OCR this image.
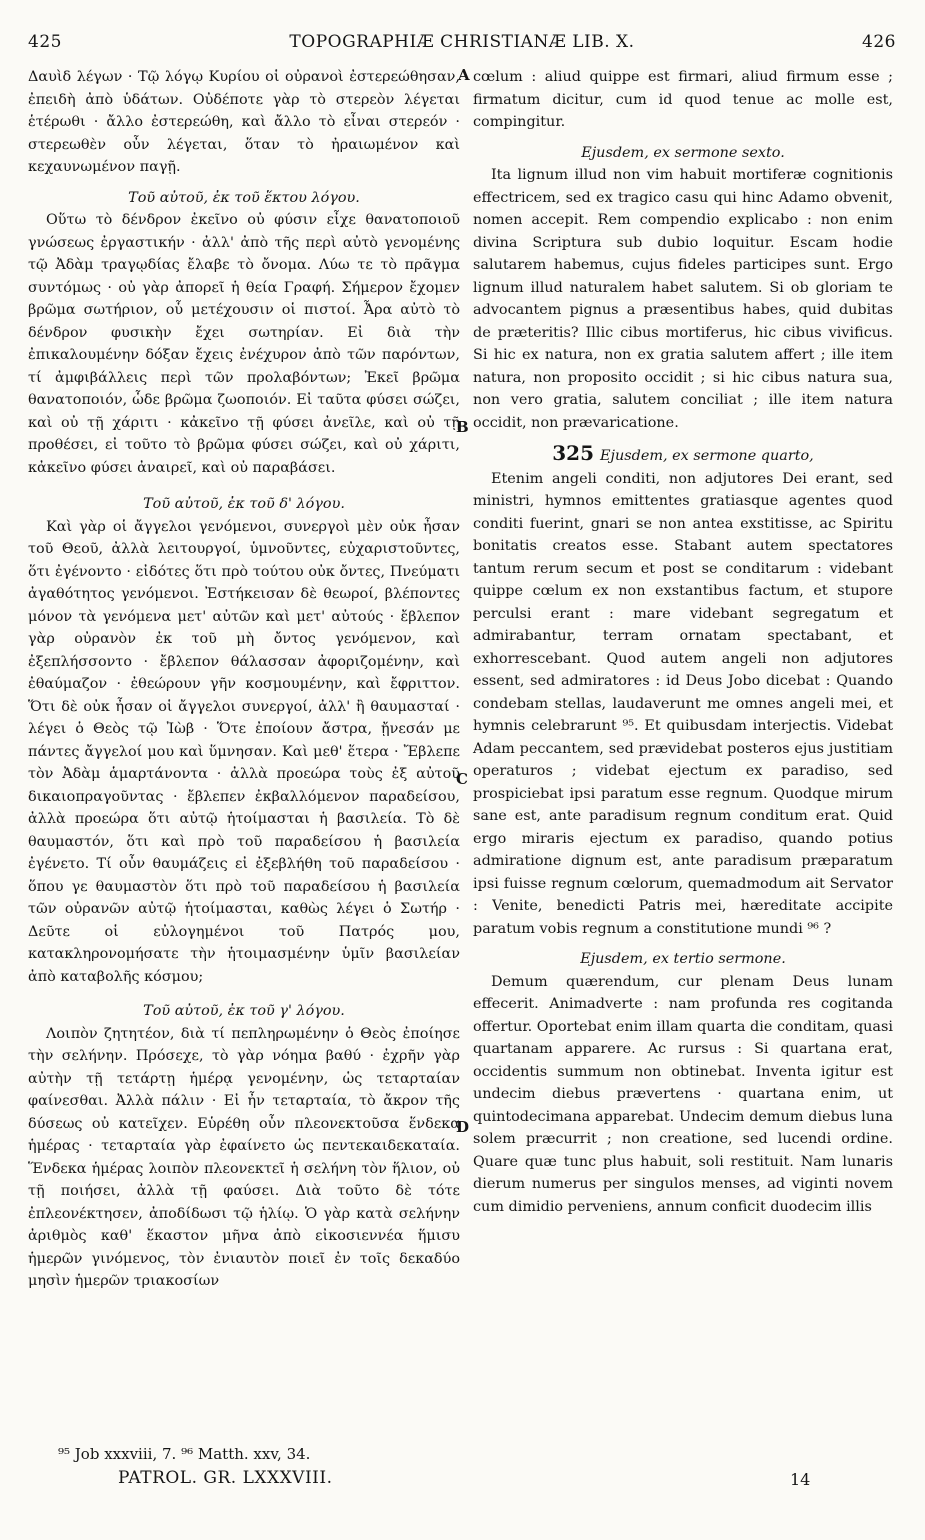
425	TOPOGRAPHIÆ CHRISTIANÆ LIB. X.	426

Δαυὶδ λέγων · Τῷ λόγῳ Κυρίου οἱ οὐρανοὶ ἐστερεώθησαν, ἐπειδὴ ἀπὸ ὑδάτων. Οὐδέποτε γὰρ τὸ στερεὸν λέγεται ἑτέρωθι · ἄλλο ἐστερεώθη, καὶ ἄλλο τὸ εἶναι στερεόν · στερεωθὲν οὖν λέγεται, ὅταν τὸ ἠραιωμένον καὶ κεχαυνωμένον παγῇ.

Τοῦ αὐτοῦ, ἐκ τοῦ ἕκτου λόγου.

Οὕτω τὸ δένδρον ἐκεῖνο οὐ φύσιν εἶχε θανατοποιοῦ γνώσεως ἐργαστικήν · ἀλλ' ἀπὸ τῆς περὶ αὐτὸ γενομένης τῷ Ἀδὰμ τραγῳδίας ἔλαβε τὸ ὄνομα. Λύω τε τὸ πρᾶγμα συντόμως · οὐ γὰρ ἀπορεῖ ἡ θεία Γραφή. Σήμερον ἔχομεν βρῶμα σωτήριον, οὗ μετέχουσιν οἱ πιστοί. Ἆρα αὐτὸ τὸ δένδρον φυσικὴν ἔχει σωτηρίαν. Εἰ διὰ τὴν ἐπικαλουμένην δόξαν ἔχεις ἐνέχυρον ἀπὸ τῶν παρόντων, τί ἀμφιβάλλεις περὶ τῶν προλαβόντων; Ἐκεῖ βρῶμα θανατοποιόν, ὧδε βρῶμα ζωοποιόν. Εἰ ταῦτα φύσει σώζει, καὶ οὐ τῇ χάριτι · κἀκεῖνο τῇ φύσει ἀνεῖλε, καὶ οὐ τῇ προθέσει, εἰ τοῦτο τὸ βρῶμα φύσει σώζει, καὶ οὐ χάριτι, κἀκεῖνο φύσει ἀναιρεῖ, καὶ οὐ παραβάσει.

Τοῦ αὐτοῦ, ἐκ τοῦ δ' λόγου.

Καὶ γὰρ οἱ ἄγγελοι γενόμενοι, συνεργοὶ μὲν οὐκ ἦσαν τοῦ Θεοῦ, ἀλλὰ λειτουργοί, ὑμνοῦντες, εὐχαριστοῦντες, ὅτι ἐγένοντο · εἰδότες ὅτι πρὸ τούτου οὐκ ὄντες, Πνεύματι ἀγαθότητος γενόμενοι. Ἐστήκεισαν δὲ θεωροί, βλέποντες μόνον τὰ γενόμενα μετ' αὐτῶν καὶ μετ' αὐτούς · ἔβλεπον γὰρ οὐρανὸν ἐκ τοῦ μὴ ὄντος γενόμενον, καὶ ἐξεπλήσσοντο · ἔβλεπον θάλασσαν ἀφοριζομένην, καὶ ἐθαύμαζον · ἐθεώρουν γῆν κοσμουμένην, καὶ ἔφριττον. Ὅτι δὲ οὐκ ἦσαν οἱ ἄγγελοι συνεργοί, ἀλλ' ἢ θαυμασταί · λέγει ὁ Θεὸς τῷ Ἰὼβ · Ὅτε ἐποίουν ἄστρα, ᾔνεσάν με πάντες ἄγγελοί μου καὶ ὕμνησαν. Καὶ μεθ' ἕτερα · Ἔβλεπε τὸν Ἀδὰμ ἁμαρτάνοντα · ἀλλὰ προεώρα τοὺς ἐξ αὐτοῦ δικαιοπραγοῦντας · ἔβλεπεν ἐκβαλλόμενον παραδείσου, ἀλλὰ προεώρα ὅτι αὐτῷ ἡτοίμασται ἡ βασιλεία. Τὸ δὲ θαυμαστόν, ὅτι καὶ πρὸ τοῦ παραδείσου ἡ βασιλεία ἐγένετο. Τί οὖν θαυμάζεις εἰ ἐξεβλήθη τοῦ παραδείσου · ὅπου γε θαυμαστὸν ὅτι πρὸ τοῦ παραδείσου ἡ βασιλεία τῶν οὐρανῶν αὐτῷ ἡτοίμασται, καθὼς λέγει ὁ Σωτήρ · Δεῦτε οἱ εὐλογημένοι τοῦ Πατρός μου, κατακληρονομήσατε τὴν ἡτοιμασμένην ὑμῖν βασιλείαν ἀπὸ καταβολῆς κόσμου;

Τοῦ αὐτοῦ, ἐκ τοῦ γ' λόγου.

Λοιπὸν ζητητέον, διὰ τί πεπληρωμένην ὁ Θεὸς ἐποίησε τὴν σελήνην. Πρόσεχε, τὸ γὰρ νόημα βαθύ · ἐχρῆν γὰρ αὐτὴν τῇ τετάρτῃ ἡμέρᾳ γενομένην, ὡς τεταρταίαν φαίνεσθαι. Ἀλλὰ πάλιν · Εἰ ἦν τεταρταία, τὸ ἄκρον τῆς δύσεως οὐ κατεῖχεν. Εὑρέθη οὖν πλεονεκτοῦσα ἕνδεκα ἡμέρας · τεταρταία γὰρ ἐφαίνετο ὡς πεντεκαιδεκαταία. Ἕνδεκα ἡμέρας λοιπὸν πλεονεκτεῖ ἡ σελήνη τὸν ἥλιον, οὐ τῇ ποιήσει, ἀλλὰ τῇ φαύσει. Διὰ τοῦτο δὲ τότε ἐπλεονέκτησεν, ἀποδίδωσι τῷ ἡλίῳ. Ὁ γὰρ κατὰ σελήνην ἀριθμὸς καθ' ἕκαστον μῆνα ἀπὸ εἰκοσιεννέα ἥμισυ ἡμερῶν γινόμενος, τὸν ἐνιαυτὸν ποιεῖ ἐν τοῖς δεκαδύο μησὶν ἡμερῶν τριακοσίων

A
B
C
D

cœlum : aliud quippe est firmari, aliud firmum esse ; firmatum dicitur, cum id quod tenue ac molle est, compingitur.

Ejusdem, ex sermone sexto.

Ita lignum illud non vim habuit mortiferæ cognitionis effectricem, sed ex tragico casu qui hinc Adamo obvenit, nomen accepit. Rem compendio explicabo : non enim divina Scriptura sub dubio loquitur. Escam hodie salutarem habemus, cujus fideles participes sunt. Ergo lignum illud naturalem habet salutem. Si ob gloriam te advocantem pignus a præsentibus habes, quid dubitas de præteritis? Illic cibus mortiferus, hic cibus vivificus. Si hic ex natura, non ex gratia salutem affert ; ille item natura, non proposito occidit ; si hic cibus natura sua, non vero gratia, salutem conciliat ; ille item natura occidit, non prævaricatione.

325 Ejusdem, ex sermone quarto,

Etenim angeli conditi, non adjutores Dei erant, sed ministri, hymnos emittentes gratiasque agentes quod conditi fuerint, gnari se non antea exstitisse, ac Spiritu bonitatis creatos esse. Stabant autem spectatores tantum rerum secum et post se conditarum : videbant quippe cœlum ex non exstantibus factum, et stupore perculsi erant : mare videbant segregatum et admirabantur, terram ornatam spectabant, et exhorrescebant. Quod autem angeli non adjutores essent, sed admiratores : id Deus Jobo dicebat : Quando condebam stellas, laudaverunt me omnes angeli mei, et hymnis celebrarunt ⁹⁵. Et quibusdam interjectis. Videbat Adam peccantem, sed prævidebat posteros ejus justitiam operaturos ; videbat ejectum ex paradiso, sed prospiciebat ipsi paratum esse regnum. Quodque mirum sane est, ante paradisum regnum conditum erat. Quid ergo miraris ejectum ex paradiso, quando potius admiratione dignum est, ante paradisum præparatum ipsi fuisse regnum cœlorum, quemadmodum ait Servator : Venite, benedicti Patris mei, hæreditate accipite paratum vobis regnum a constitutione mundi ⁹⁶ ?

Ejusdem, ex tertio sermone.

Demum quærendum, cur plenam Deus lunam effecerit. Animadverte : nam profunda res cogitanda offertur. Oportebat enim illam quarta die conditam, quasi quartanam apparere. Ac rursus : Si quartana erat, occidentis summum non obtinebat. Inventa igitur est undecim diebus prævertens · quartana enim, ut quintodecimana apparebat. Undecim demum diebus luna solem præcurrit ; non creatione, sed lucendi ordine. Quare quæ tunc plus habuit, soli restituit. Nam lunaris dierum numerus per singulos menses, ad viginti novem cum dimidio perveniens, annum conficit duodecim illis

⁹⁵ Job xxxviii, 7. ⁹⁶ Matth. xxv, 34.
PATROL. GR. LXXXVIII.	14
